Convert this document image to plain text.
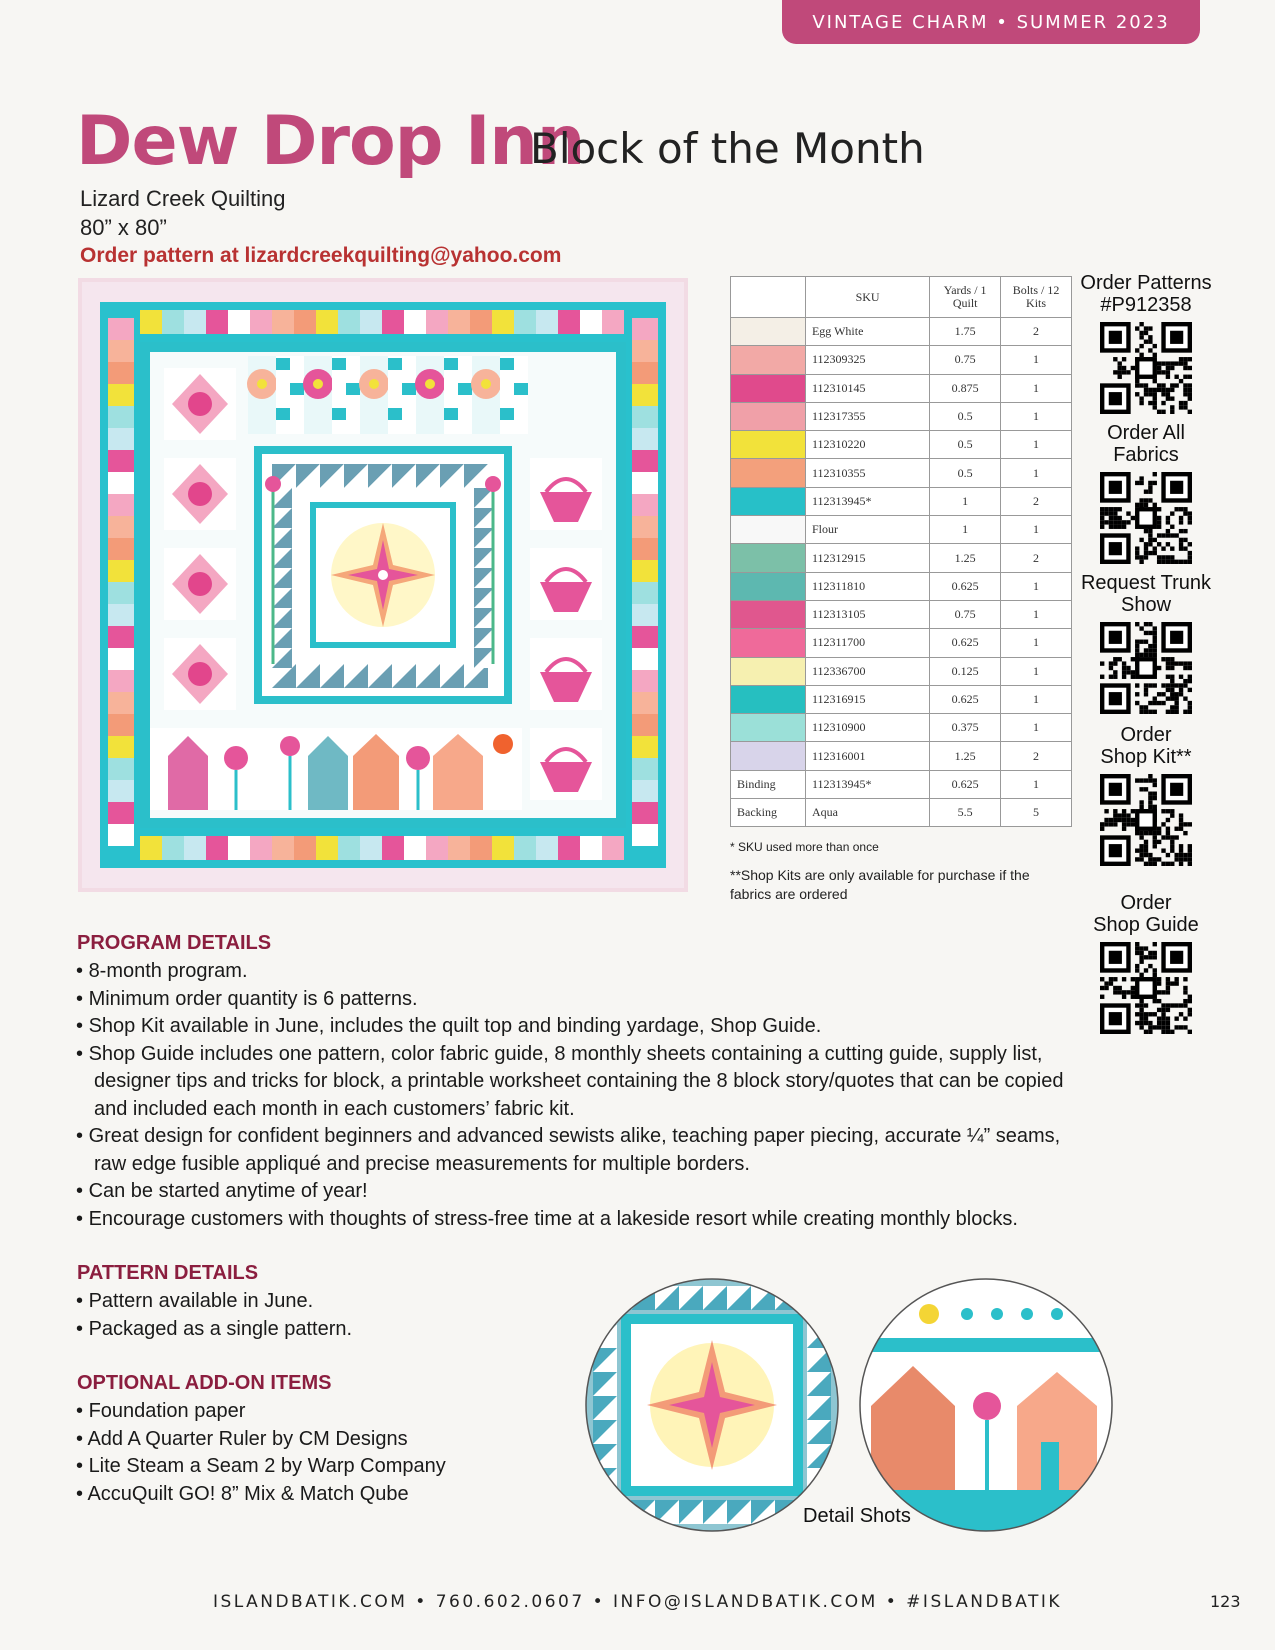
VINTAGE CHARM • SUMMER 2023
Dew Drop Inn
Block of the Month
Lizard Creek Quilting
80” x 80”
Order pattern at lizardcreekquilting@yahoo.com
	SKU	Yards / 1 Quilt	Bolts / 12 Kits
	Egg White	1.75	2
	112309325	0.75	1
	112310145	0.875	1
	112317355	0.5	1
	112310220	0.5	1
	112310355	0.5	1
	112313945*	1	2
	Flour	1	1
	112312915	1.25	2
	112311810	0.625	1
	112313105	0.75	1
	112311700	0.625	1
	112336700	0.125	1
	112316915	0.625	1
	112310900	0.375	1
	112316001	1.25	2
Binding	112313945*	0.625	1
Backing	Aqua	5.5	5
* SKU used more than once
**Shop Kits are only available for purchase if the fabrics are ordered
Order Patterns
#P912358
Order All
Fabrics
Request Trunk
Show
Order
Shop Kit**
Order
Shop Guide
PROGRAM DETAILS
• 8-month program.
• Minimum order quantity is 6 patterns.
• Shop Kit available in June, includes the quilt top and binding yardage, Shop Guide.
• Shop Guide includes one pattern, color fabric guide, 8 monthly sheets containing a cutting guide, supply list, designer tips and tricks for block, a printable worksheet containing the 8 block story/quotes that can be copied and included each month in each customers’ fabric kit.
• Great design for confident beginners and advanced sewists alike, teaching paper piecing, accurate ¼” seams, raw edge fusible appliqué and precise measurements for multiple borders.
• Can be started anytime of year!
• Encourage customers with thoughts of stress-free time at a lakeside resort while creating monthly blocks.
PATTERN DETAILS
• Pattern available in June.
• Packaged as a single pattern.
OPTIONAL ADD-ON ITEMS
• Foundation paper
• Add A Quarter Ruler by CM Designs
• Lite Steam a Seam 2 by Warp Company
• AccuQuilt GO! 8” Mix & Match Qube
Detail Shots
ISLANDBATIK.COM • 760.602.0607 • INFO@ISLANDBATIK.COM • #ISLANDBATIK	123
